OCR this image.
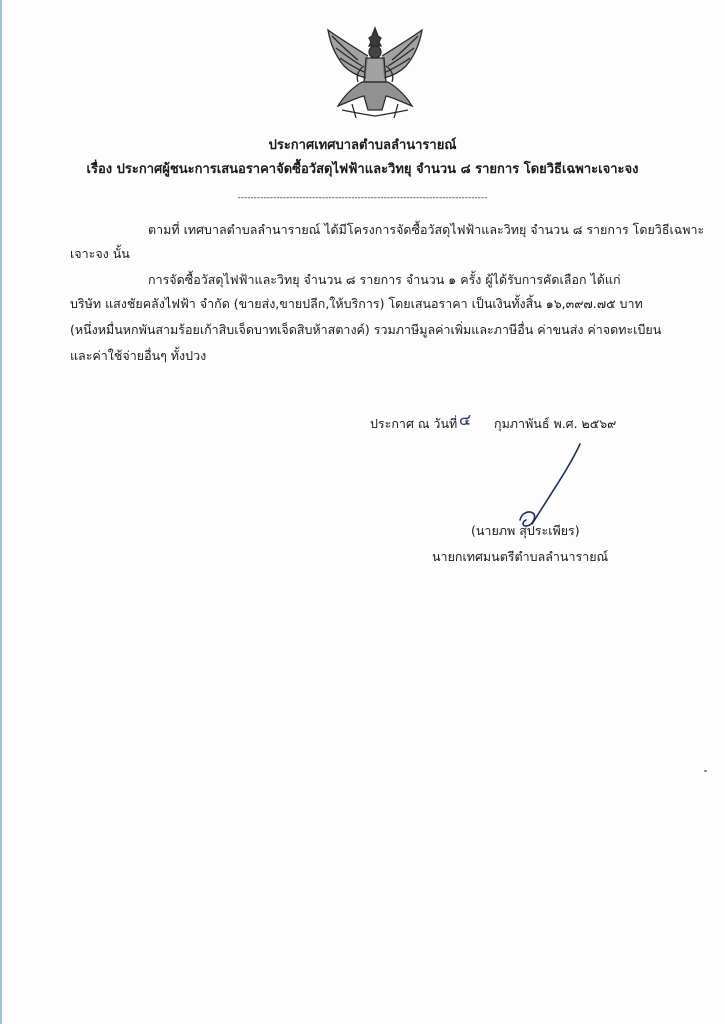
ประกาศเทศบาลตำบลลำนารายณ์
เรื่อง ประกาศผู้ชนะการเสนอราคาจัดซื้อวัสดุไฟฟ้าและวิทยุ จำนวน ๘ รายการ โดยวิธีเฉพาะเจาะจง
-----------------------------------------------------------------------------
ตามที่ เทศบาลตำบลลำนารายณ์ ได้มีโครงการจัดซื้อวัสดุไฟฟ้าและวิทยุ จำนวน ๘ รายการ โดยวิธีเฉพาะ
เจาะจง นั้น
การจัดซื้อวัสดุไฟฟ้าและวิทยุ จำนวน ๘ รายการ จำนวน ๑ ครั้ง ผู้ได้รับการคัดเลือก ได้แก่
บริษัท แสงชัยคลังไฟฟ้า จำกัด (ขายส่ง,ขายปลีก,ให้บริการ) โดยเสนอราคา เป็นเงินทั้งสิ้น ๑๖,๓๙๗.๗๕ บาท
(หนึ่งหมื่นหกพันสามร้อยเก้าสิบเจ็ดบาทเจ็ดสิบห้าสตางค์) รวมภาษีมูลค่าเพิ่มและภาษีอื่น ค่าขนส่ง ค่าจดทะเบียน
และค่าใช้จ่ายอื่นๆ ทั้งปวง
ประกาศ ณ วันที่ ๔ กุมภาพันธ์ พ.ศ. ๒๕๖๙
(นายภพ สุประเพียร)
นายกเทศมนตรีตำบลลำนารายณ์
